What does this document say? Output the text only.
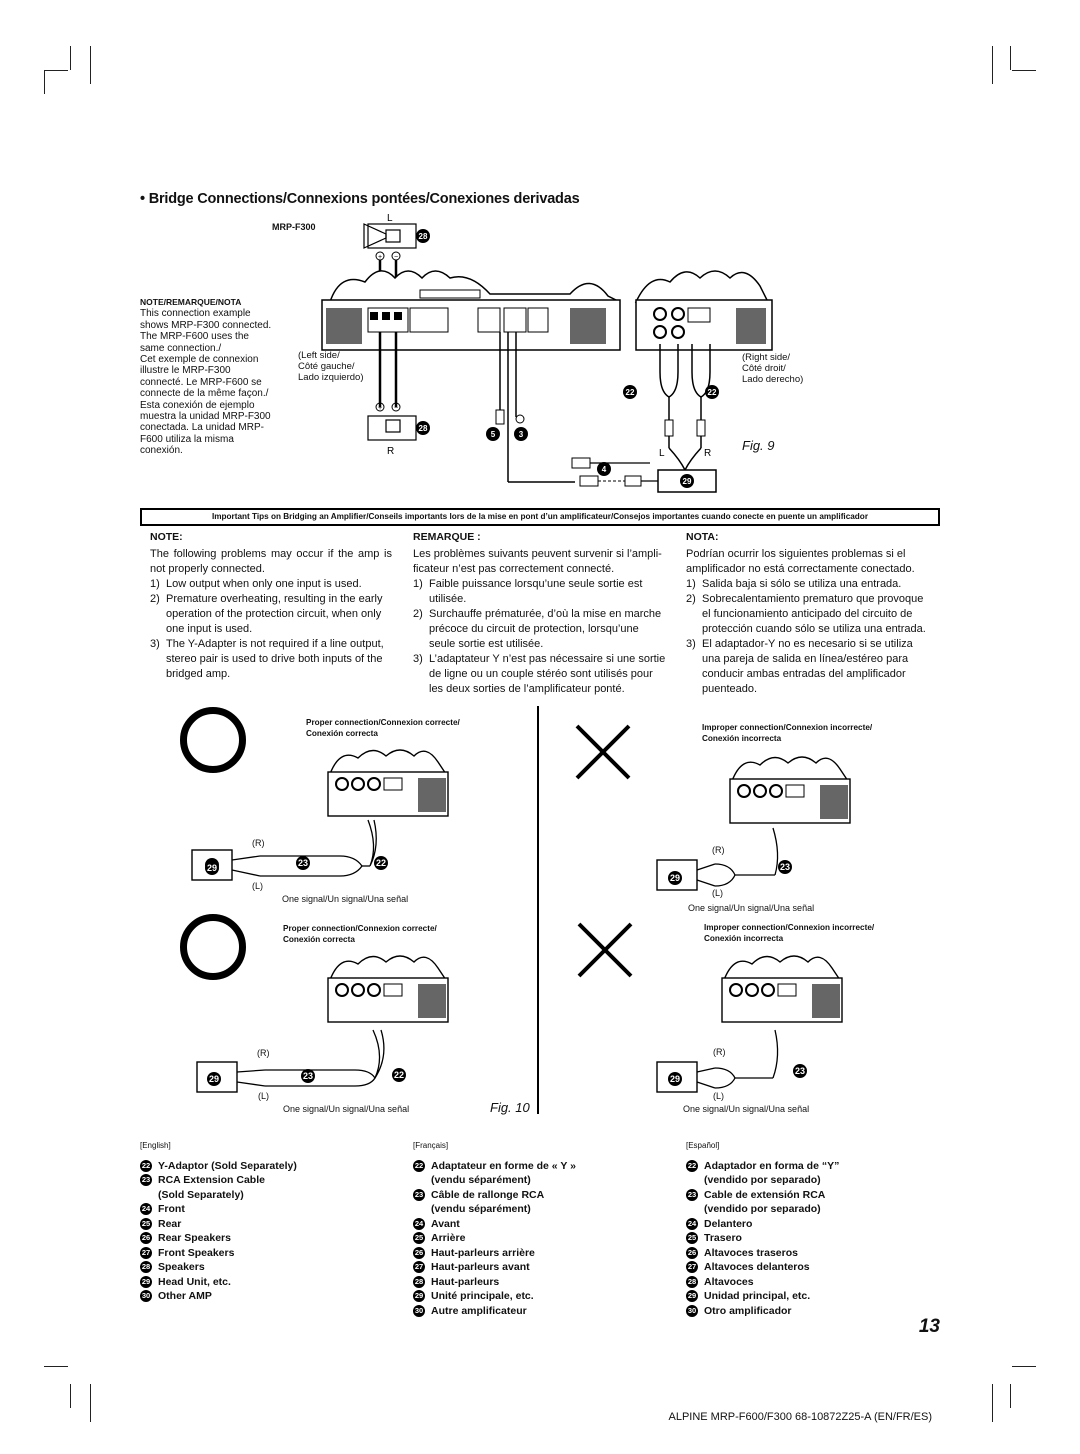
• Bridge Connections/Connexions pontées/Conexiones derivadas
MRP-F300
NOTE/REMARQUE/NOTA
This connection example
shows MRP-F300 connected.
The MRP-F600 uses the
same connection./
Cet exemple de connexion
illustre le MRP-F300
connecté. Le MRP-F600 se
connecte de la même façon./
Esta conexión de ejemplo
muestra la unidad MRP-F300
conectada. La unidad MRP-
F600 utiliza la misma
conexión.
(Left side/
Côté gauche/
Lado izquierdo)
(Right side/
Côté droit/
Lado derecho)
L
28
+ −
+ −
R
28
5	3
4
22	22
L	R
29
Fig. 9
Important Tips on Bridging an Amplifier/Conseils importants lors de la mise en pont d’un amplificateur/Consejos importantes cuando conecte en puente un amplificador
NOTE:

The following problems may occur if the amp is not properly connected.

1) Low output when only one input is used.
2) Premature overheating, resulting in the early operation of the protection circuit, when only one input is used.
3) The Y-Adapter is not required if a line output, stereo pair is used to drive both inputs of the bridged amp.
REMARQUE :

Les problèmes suivants peuvent survenir si l’ampli-ficateur n’est pas correctement connecté.

1) Faible puissance lorsqu’une seule sortie est utilisée.
2) Surchauffe prématurée, d’où la mise en marche précoce du circuit de protection, lorsqu’une seule sortie est utilisée.
3) L’adaptateur Y n’est pas nécessaire si une sortie de ligne ou un couple stéréo sont utilisés pour les deux sorties de l’amplificateur ponté.
NOTA:

Podrían ocurrir los siguientes problemas si el amplificador no está correctamente conectado.

1) Salida baja si sólo se utiliza una entrada.
2) Sobrecalentamiento prematuro que provoque el funcionamiento anticipado del circuito de protección cuando sólo se utiliza una entrada.
3) El adaptador-Y no es necesario si se utiliza una pareja de salida en línea/estéreo para conducir ambas entradas del amplificador puenteado.
Proper connection/Connexion correcte/
Conexión correcta
Improper connection/Connexion incorrecte/
Conexión incorrecta
Proper connection/Connexion correcte/
Conexión correcta
Improper connection/Connexion incorrecte/
Conexión incorrecta
29	23	22
(R)
(L)
One signal/Un signal/Una señal
29
23
(R)
(L)
One signal/Un signal/Una señal
29	23	22
(R)
(L)
One signal/Un signal/Una señal	Fig. 10
29
23
(R)
(L)
One signal/Un signal/Una señal
[English]
22 Y-Adaptor (Sold Separately)
23 RCA Extension Cable
(Sold Separately)
24 Front
25 Rear
26 Rear Speakers
27 Front Speakers
28 Speakers
29 Head Unit, etc.
30 Other AMP
[Français]
22 Adaptateur en forme de « Y »
(vendu séparément)
23 Câble de rallonge RCA
(vendu séparément)
24 Avant
25 Arrière
26 Haut-parleurs arrière
27 Haut-parleurs avant
28 Haut-parleurs
29 Unité principale, etc.
30 Autre amplificateur
[Español]
22 Adaptador en forma de “Y”
(vendido por separado)
23 Cable de extensión RCA
(vendido por separado)
24 Delantero
25 Trasero
26 Altavoces traseros
27 Altavoces delanteros
28 Altavoces
29 Unidad principal, etc.
30 Otro amplificador
13
ALPINE MRP-F600/F300 68-10872Z25-A (EN/FR/ES)
